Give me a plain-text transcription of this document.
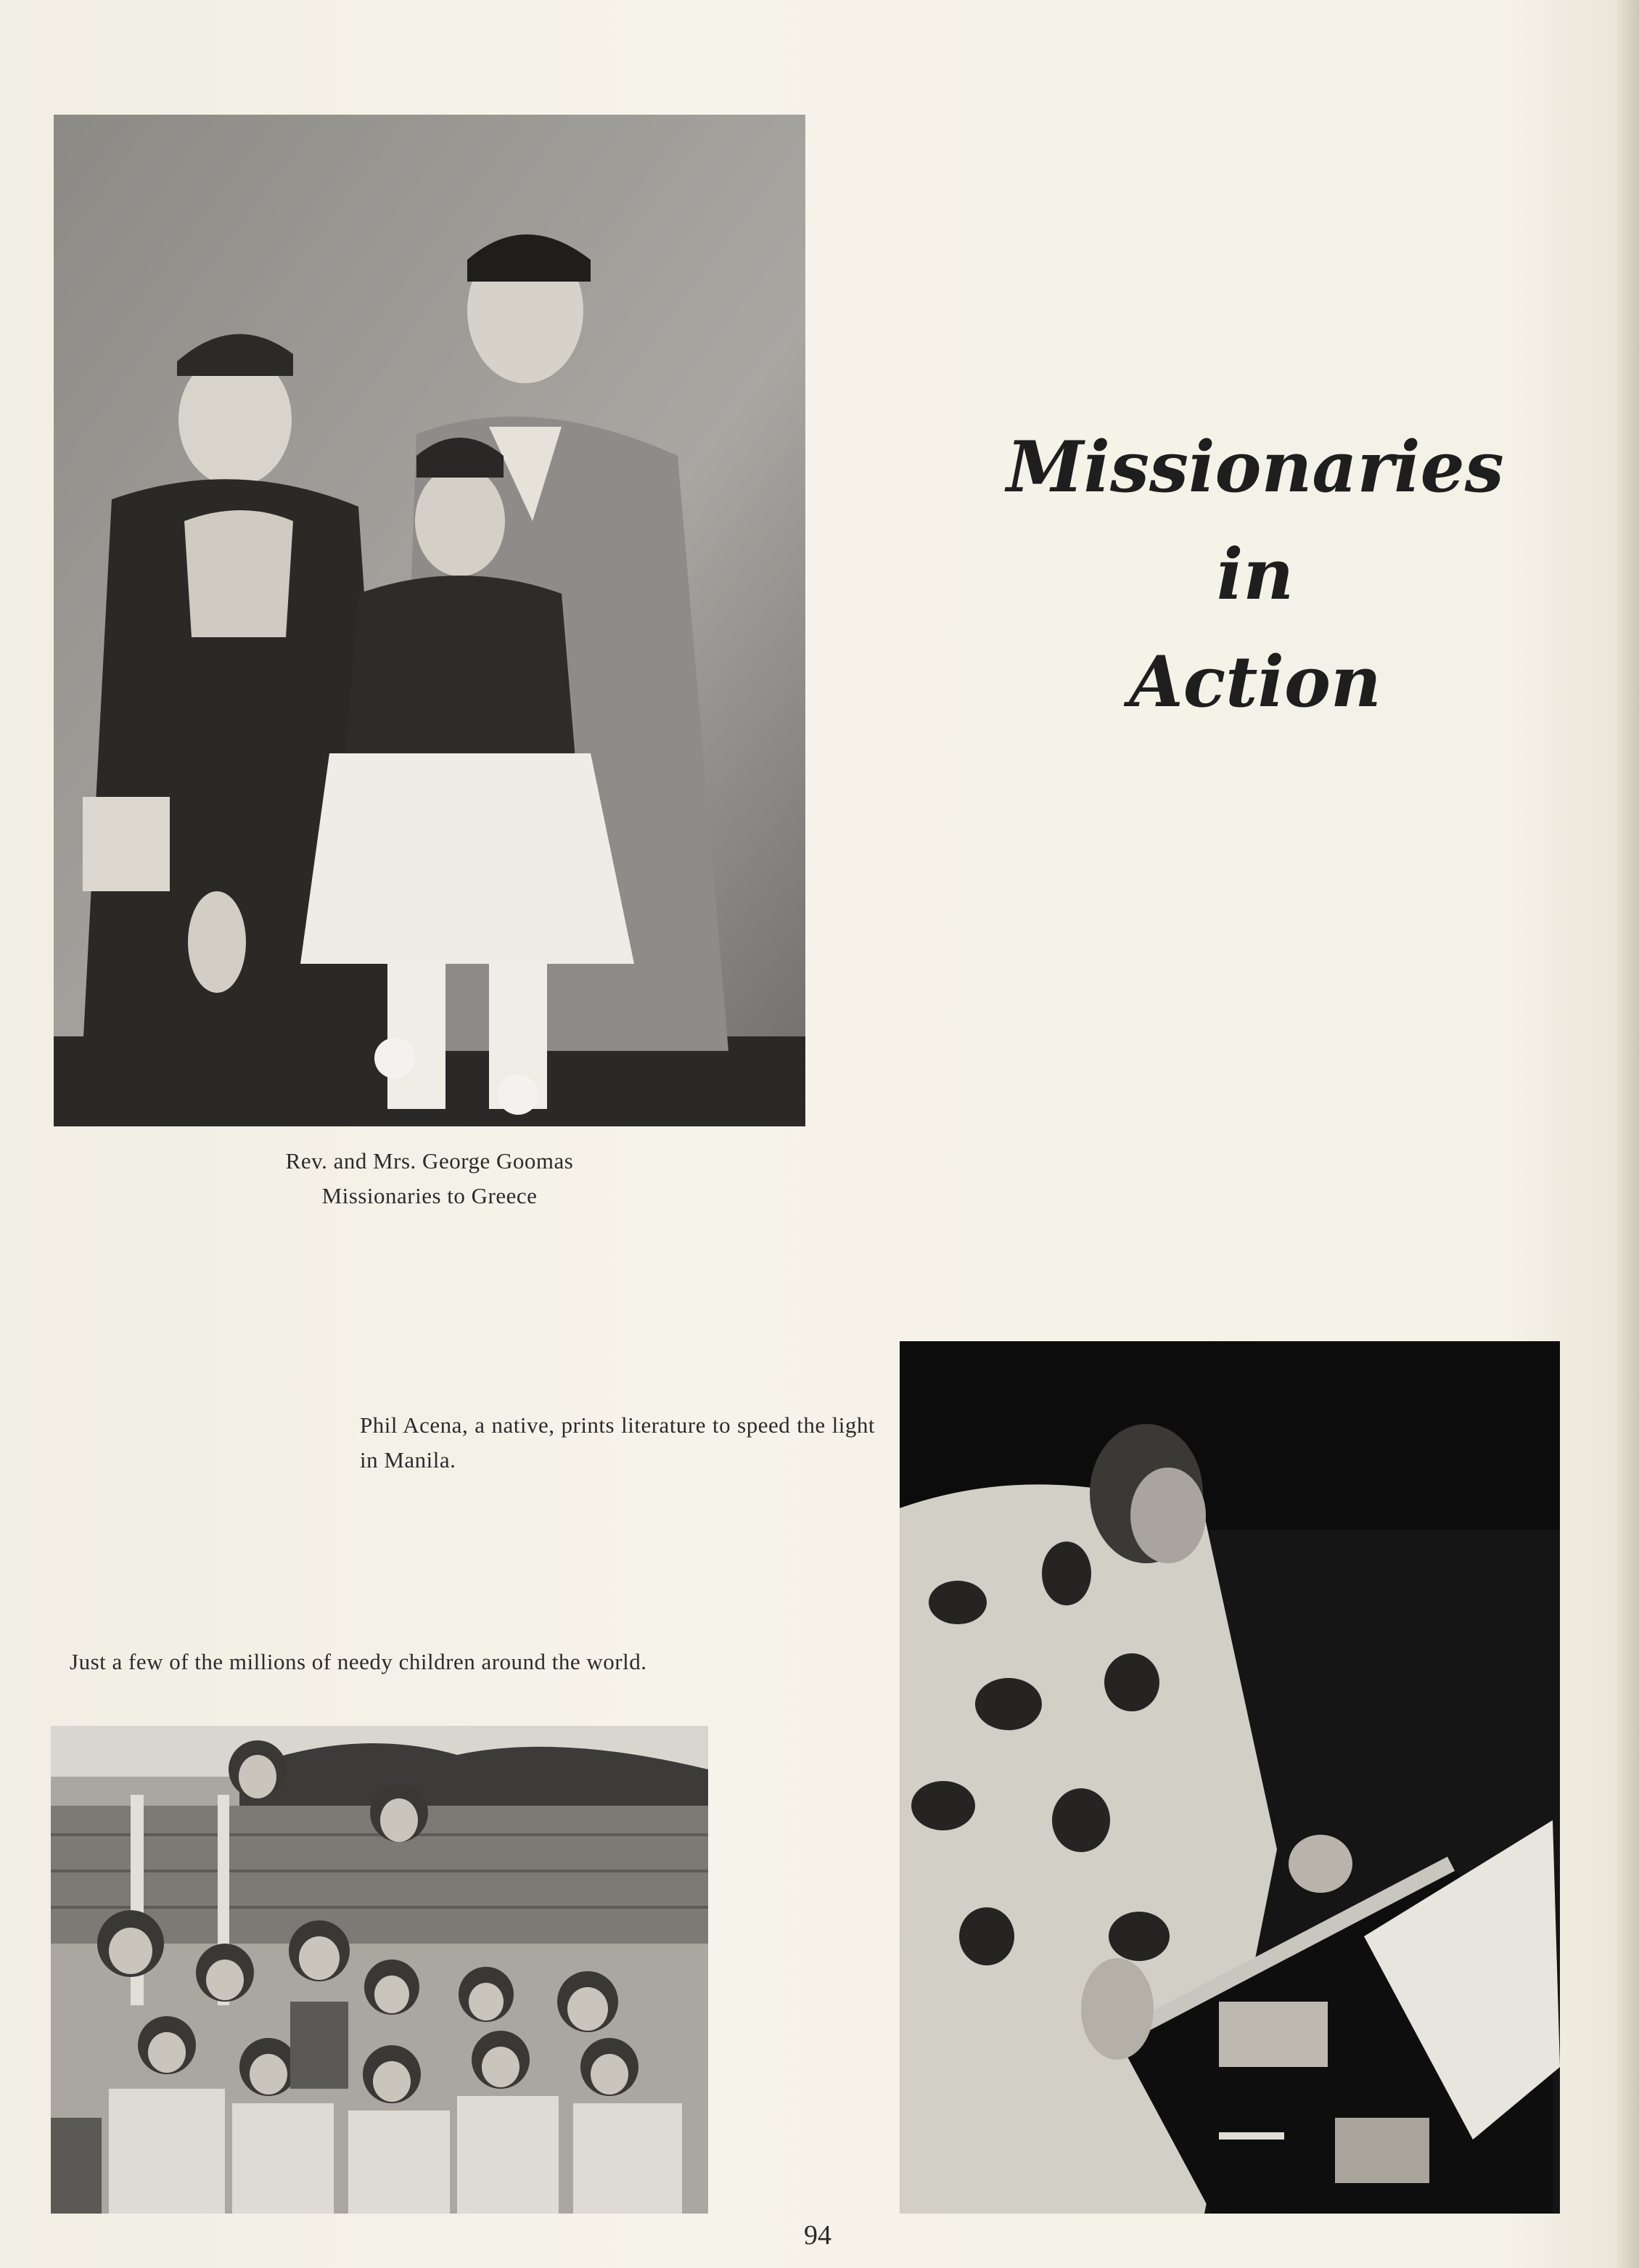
Rev. and Mrs. George Goomas
Missionaries to Greece
Missionaries
in
Action
Phil Acena, a native, prints literature to speed the light in Manila.
Just a few of the millions of needy children around the world.
94
